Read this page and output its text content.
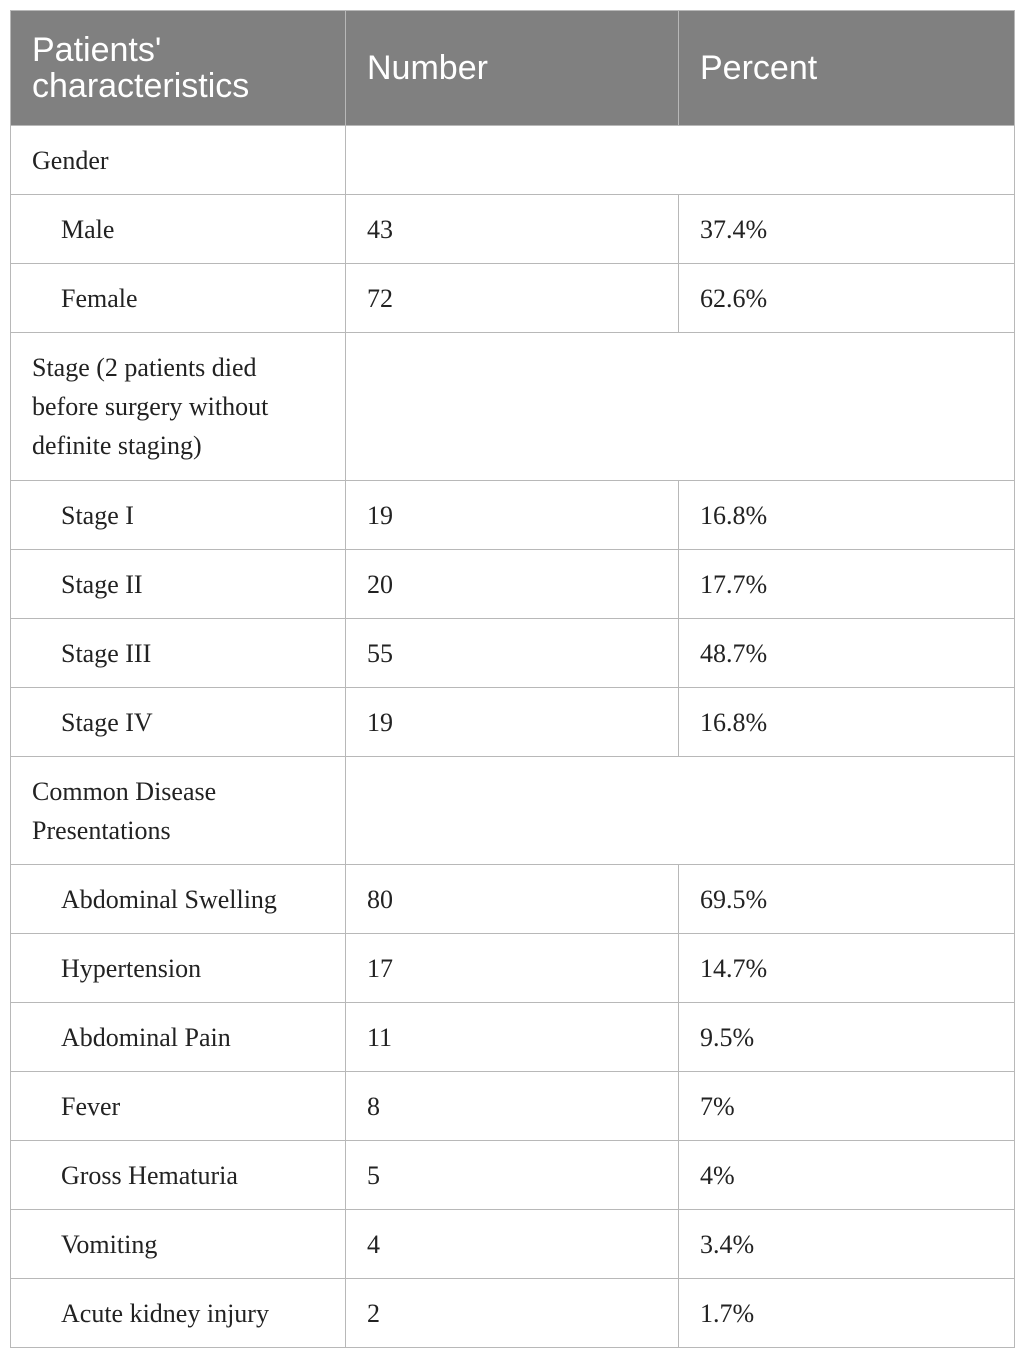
Patients' characteristics	Number	Percent
Gender		
Male	43	37.4%
Female	72	62.6%
Stage (2 patients died before surgery without definite staging)		
Stage I	19	16.8%
Stage II	20	17.7%
Stage III	55	48.7%
Stage IV	19	16.8%
Common Disease Presentations		
Abdominal Swelling	80	69.5%
Hypertension	17	14.7%
Abdominal Pain	11	9.5%
Fever	8	7%
Gross Hematuria	5	4%
Vomiting	4	3.4%
Acute kidney injury	2	1.7%
